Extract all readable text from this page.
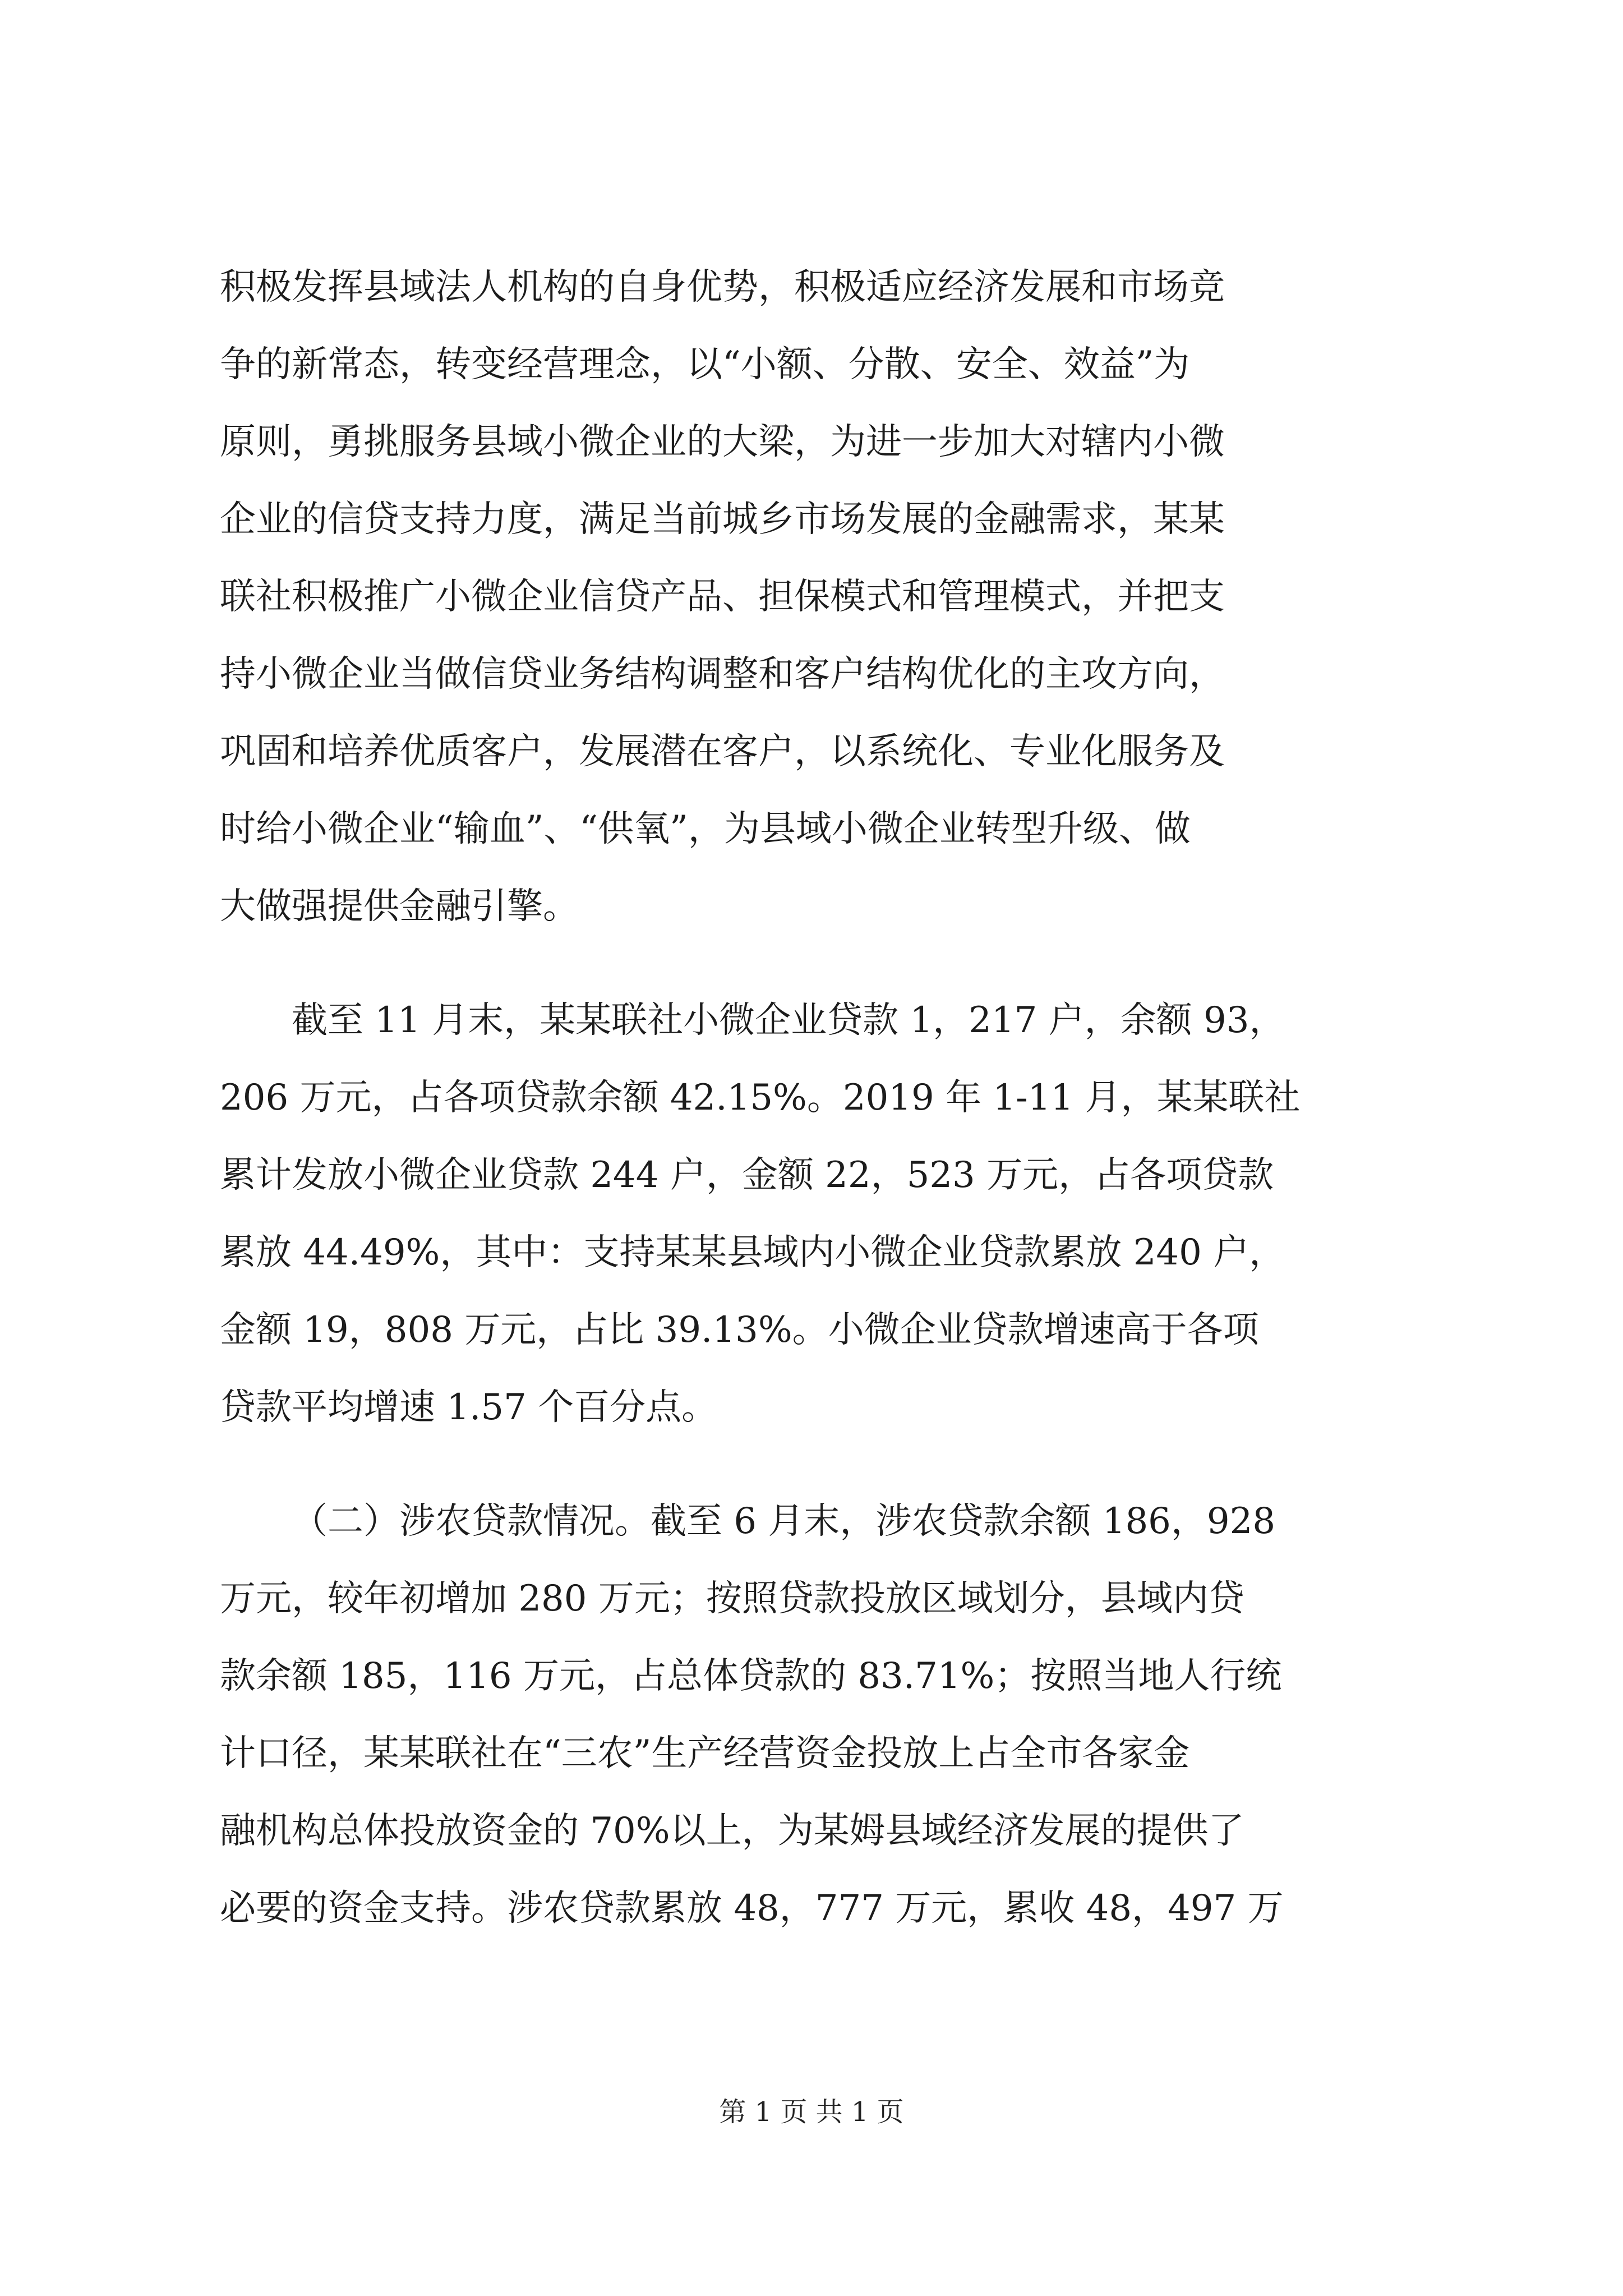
积极发挥县域法人机构的自身优势，积极适应经济发展和市场竞
争的新常态，转变经营理念，以“小额、分散、安全、效益”为
原则，勇挑服务县域小微企业的大梁，为进一步加大对辖内小微
企业的信贷支持力度，满足当前城乡市场发展的金融需求，某某
联社积极推广小微企业信贷产品、担保模式和管理模式，并把支
持小微企业当做信贷业务结构调整和客户结构优化的主攻方向，
巩固和培养优质客户，发展潜在客户，以系统化、专业化服务及
时给小微企业“输血”、“供氧”，为县域小微企业转型升级、做
大做强提供金融引擎。
截至 11 月末，某某联社小微企业贷款 1，217 户，余额 93，
206 万元，占各项贷款余额 42.15%。2019 年 1-11 月，某某联社
累计发放小微企业贷款 244 户，金额 22，523 万元，占各项贷款
累放 44.49%，其中：支持某某县域内小微企业贷款累放 240 户，
金额 19，808 万元，占比 39.13%。小微企业贷款增速高于各项
贷款平均增速 1.57 个百分点。
（二）涉农贷款情况。截至 6 月末，涉农贷款余额 186，928
万元，较年初增加 280 万元；按照贷款投放区域划分，县域内贷
款余额 185，116 万元，占总体贷款的 83.71%；按照当地人行统
计口径，某某联社在“三农”生产经营资金投放上占全市各家金
融机构总体投放资金的 70%以上，为某姆县域经济发展的提供了
必要的资金支持。涉农贷款累放 48，777 万元，累收 48，497 万
第 1 页 共 1 页
